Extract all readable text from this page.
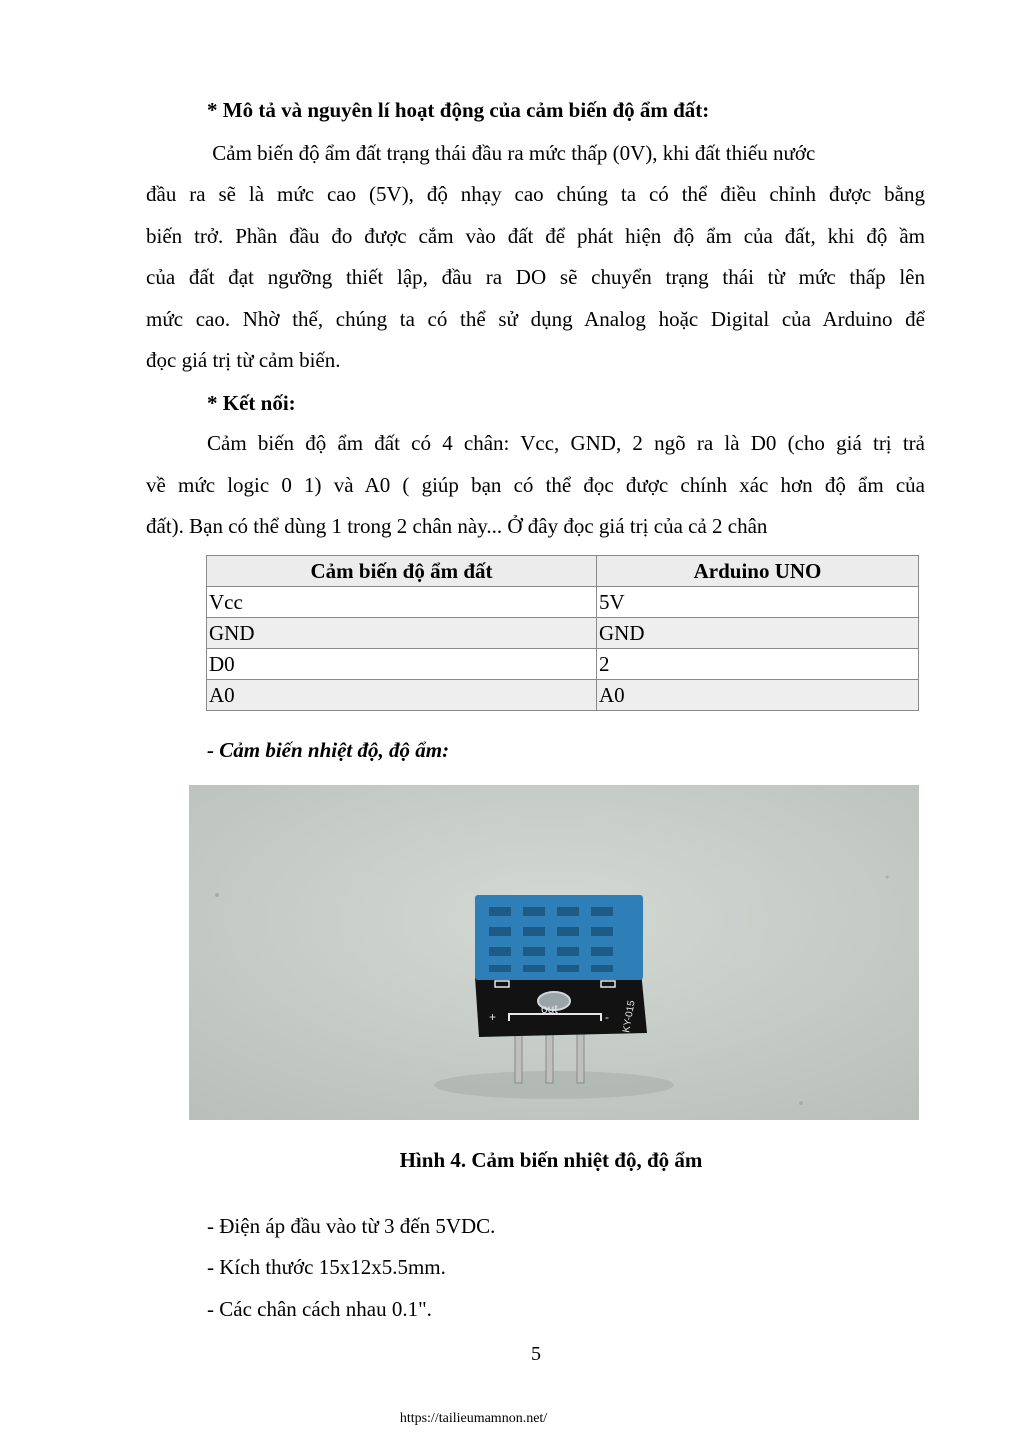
* Mô tả và nguyên lí hoạt động của cảm biến độ ẩm đất:
Cảm biến độ ẩm đất trạng thái đầu ra mức thấp (0V), khi đất thiếu nước
đầu ra sẽ là mức cao (5V), độ nhạy cao chúng ta có thể điều chỉnh được bằng
biến trở. Phần đầu đo được cắm vào đất để phát hiện độ ẩm của đất, khi độ ầm
của đất đạt ngưỡng thiết lập, đầu ra DO sẽ chuyển trạng thái từ mức thấp lên
mức cao. Nhờ thế, chúng ta có thể sử dụng Analog hoặc Digital của Arduino để
đọc giá trị từ cảm biến.
* Kết nối:
Cảm biến độ ẩm đất có 4 chân: Vcc, GND, 2 ngõ ra là D0 (cho giá trị trả
về mức logic 0 1) và A0 ( giúp bạn có thể đọc được chính xác hơn độ ẩm của
đất). Bạn có thể dùng 1 trong 2 chân này... Ở đây đọc giá trị của cả 2 chân
Cảm biến độ ẩm đất	Arduino UNO
Vcc	5V
GND	GND
D0	2
A0	A0
- Cảm biến nhiệt độ, độ ẩm:
+	-
out	KY-015
Hình 4. Cảm biến nhiệt độ, độ ẩm
- Điện áp đầu vào từ 3 đến 5VDC.
- Kích thước 15x12x5.5mm.
- Các chân cách nhau 0.1".
5
https://tailieumamnon.net/
